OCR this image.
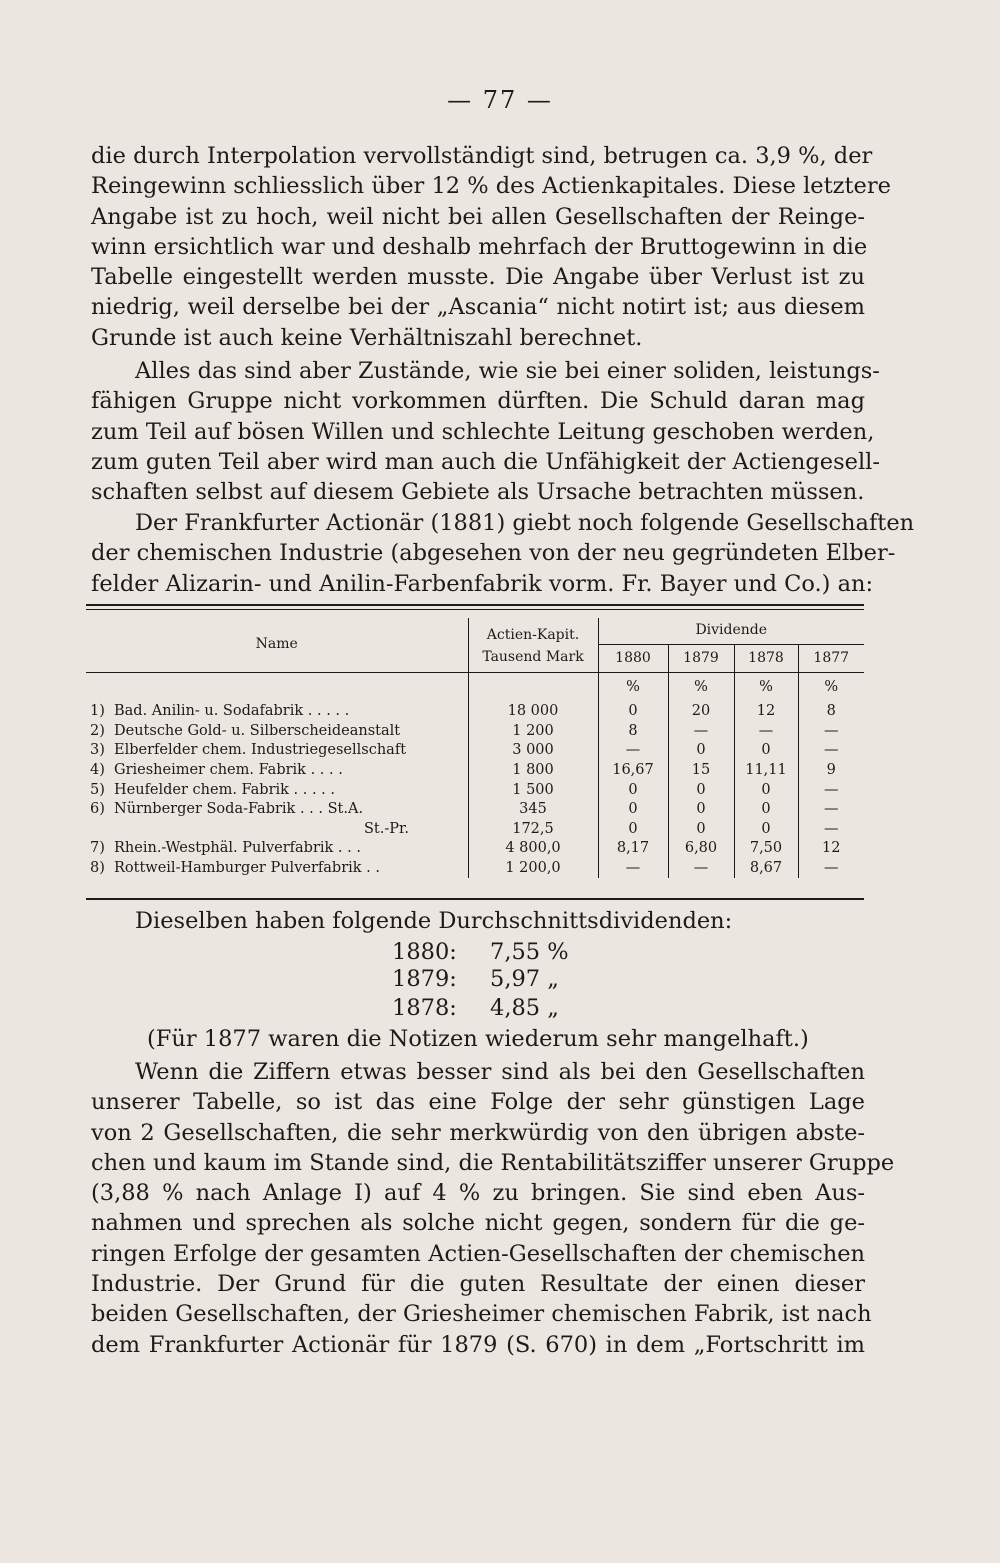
— 77 —
die durch Interpolation vervollständigt sind, betrugen ca. 3,9 %, der
Reingewinn schliesslich über 12 % des Actienkapitales. Diese letztere
Angabe ist zu hoch, weil nicht bei allen Gesellschaften der Reinge-
winn ersichtlich war und deshalb mehrfach der Bruttogewinn in die
Tabelle eingestellt werden musste. Die Angabe über Verlust ist zu
niedrig, weil derselbe bei der „Ascania“ nicht notirt ist; aus diesem
Grunde ist auch keine Verhältniszahl berechnet.
Alles das sind aber Zustände, wie sie bei einer soliden, leistungs-
fähigen Gruppe nicht vorkommen dürften. Die Schuld daran mag
zum Teil auf bösen Willen und schlechte Leitung geschoben werden,
zum guten Teil aber wird man auch die Unfähigkeit der Actiengesell-
schaften selbst auf diesem Gebiete als Ursache betrachten müssen.
Der Frankfurter Actionär (1881) giebt noch folgende Gesellschaften
der chemischen Industrie (abgesehen von der neu gegründeten Elber-
felder Alizarin- und Anilin-Farbenfabrik vorm. Fr. Bayer und Co.) an:
Name	Actien-Kapit.	Dividende			
	Tausend Mark	1880	1879	1878	1877
		%	%	%	%
1) Bad. Anilin- u. Sodafabrik . . . . .	18 000	0	20	12	8
2) Deutsche Gold- u. Silberscheideanstalt	1 200	8	—	—	—
3) Elberfelder chem. Industriegesellschaft	3 000	—	0	0	—
4) Griesheimer chem. Fabrik . . . .	1 800	16,67	15	11,11	9
5) Heufelder chem. Fabrik . . . . .	1 500	0	0	0	—
6) Nürnberger Soda-Fabrik . . . St.A.	345	0	0	0	—
St.-Pr.	172,5	0	0	0	—
7) Rhein.-Westphäl. Pulverfabrik . . .	4 800,0	8,17	6,80	7,50	12
8) Rottweil-Hamburger Pulverfabrik . .	1 200,0	—	—	8,67	—
Dieselben haben folgende Durchschnittsdividenden:
1880: 7,55 %
1879: 5,97 „
1878: 4,85 „
(Für 1877 waren die Notizen wiederum sehr mangelhaft.)
Wenn die Ziffern etwas besser sind als bei den Gesellschaften
unserer Tabelle, so ist das eine Folge der sehr günstigen Lage
von 2 Gesellschaften, die sehr merkwürdig von den übrigen abste-
chen und kaum im Stande sind, die Rentabilitätsziffer unserer Gruppe
(3,88 % nach Anlage I) auf 4 % zu bringen. Sie sind eben Aus-
nahmen und sprechen als solche nicht gegen, sondern für die ge-
ringen Erfolge der gesamten Actien-Gesellschaften der chemischen
Industrie. Der Grund für die guten Resultate der einen dieser
beiden Gesellschaften, der Griesheimer chemischen Fabrik, ist nach
dem Frankfurter Actionär für 1879 (S. 670) in dem „Fortschritt im
